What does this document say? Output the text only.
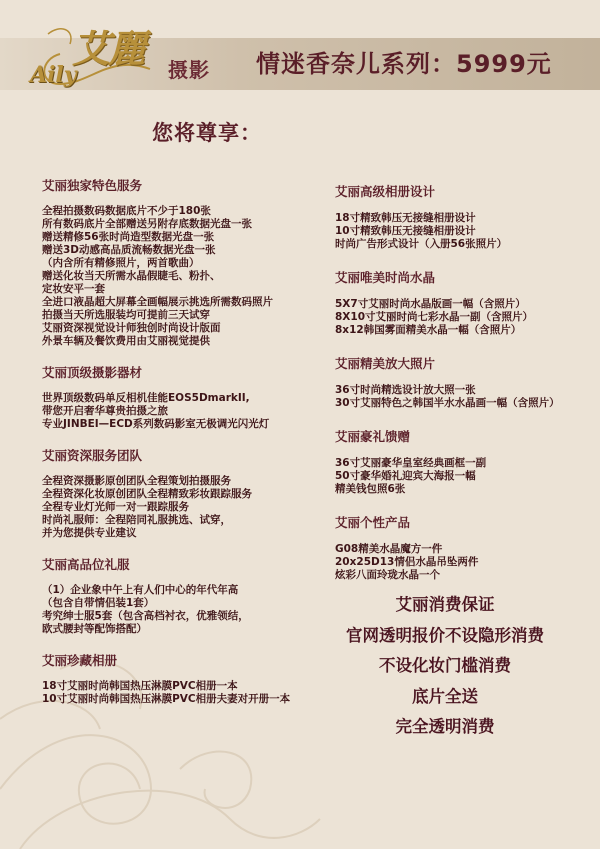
艾麗
Aily	摄影 情迷香奈儿系列：5999元
您将尊享：
艾丽独家特色服务
全程拍摄数码数据底片不少于180张
所有数码底片全部赠送另附存底数据光盘一张
赠送精修56张时尚造型数据光盘一张
赠送3D动感高品质流畅数据光盘一张
（内含所有精修照片，两首歌曲）
赠送化妆当天所需水晶假睫毛、粉扑、
定妆安平一套
全进口液晶超大屏幕全画幅展示挑选所需数码照片
拍摄当天所选服装均可提前三天试穿
艾丽资深视觉设计师独创时尚设计版面
外景车辆及餐饮费用由艾丽视觉提供
艾丽顶级摄影器材
世界顶级数码单反相机佳能EOS5DmarkII,
带您开启奢华尊贵拍摄之旅
专业JINBEI—ECD系列数码影室无极调光闪光灯
艾丽资深服务团队
全程资深摄影原创团队全程策划拍摄服务
全程资深化妆原创团队全程精致彩妆跟踪服务
全程专业灯光师一对一跟踪服务
时尚礼服师：全程陪同礼服挑选、试穿，
并为您提供专业建议
艾丽高品位礼服
（1）企业象中午上有人们中心的年代年高
（包含自带情侣装1套）
考究绅士服5套（包含高档衬衣，优雅领结，
欧式腰封等配饰搭配）
艾丽珍藏相册
18寸艾丽时尚韩国热压淋膜PVC相册一本
10寸艾丽时尚韩国热压淋膜PVC相册夫妻对开册一本
艾丽高级相册设计
18寸精致韩压无接缝相册设计
10寸精致韩压无接缝相册设计
时尚广告形式设计（入册56张照片）
艾丽唯美时尚水晶
5X7寸艾丽时尚水晶版画一幅（含照片）
8X10寸艾丽时尚七彩水晶一副（含照片）
8x12韩国雾面精美水晶一幅（含照片）
艾丽精美放大照片
36寸时尚精选设计放大照一张
30寸艾丽特色之韩国半水水晶画一幅（含照片）
艾丽豪礼馈赠
36寸艾丽豪华皇室经典画框一副
50寸豪华婚礼迎宾大海报一幅
精美钱包照6张
艾丽个性产品
G08精美水晶魔方一件
20x25D13情侣水晶吊坠两件
炫彩八面玲珑水晶一个
艾丽消费保证
官网透明报价不设隐形消费
不设化妆门槛消费
底片全送
完全透明消费
